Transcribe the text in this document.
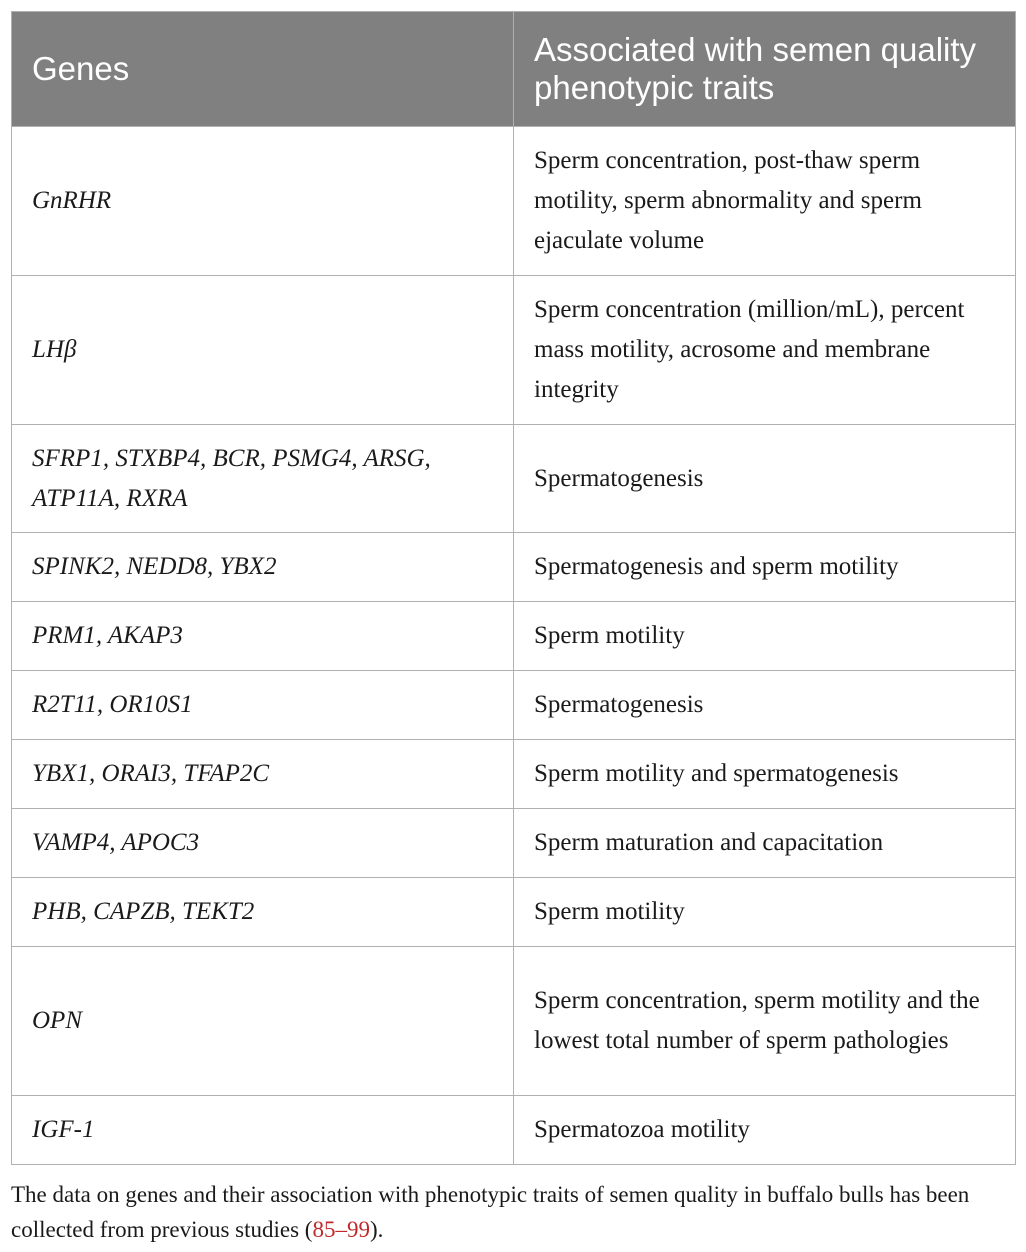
Genes	Associated with semen quality phenotypic traits
GnRHR	Sperm concentration, post-thaw sperm motility, sperm abnormality and sperm ejaculate volume
LHβ	Sperm concentration (million/mL), percent mass motility, acrosome and membrane integrity
SFRP1, STXBP4, BCR, PSMG4, ARSG, ATP11A, RXRA	Spermatogenesis
SPINK2, NEDD8, YBX2	Spermatogenesis and sperm motility
PRM1, AKAP3	Sperm motility
R2T11, OR10S1	Spermatogenesis
YBX1, ORAI3, TFAP2C	Sperm motility and spermatogenesis
VAMP4, APOC3	Sperm maturation and capacitation
PHB, CAPZB, TEKT2	Sperm motility
OPN	Sperm concentration, sperm motility and the lowest total number of sperm pathologies
IGF-1	Spermatozoa motility
The data on genes and their association with phenotypic traits of semen quality in buffalo bulls has been collected from previous studies (85–99).
